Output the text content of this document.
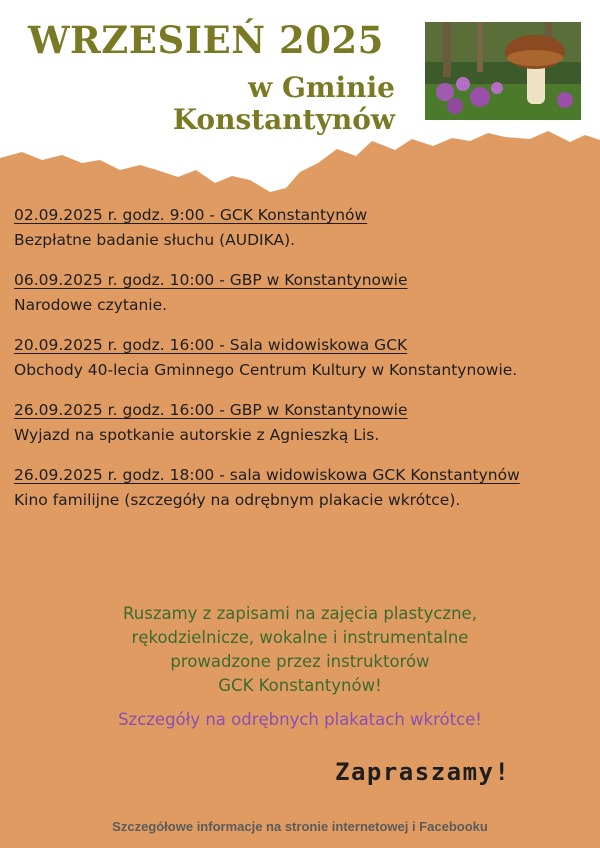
WRZESIEŃ 2025
w Gminie
Konstantynów
02.09.2025 r. godz. 9:00 - GCK Konstantynów
Bezpłatne badanie słuchu (AUDIKA).
06.09.2025 r. godz. 10:00 - GBP w Konstantynowie
Narodowe czytanie.
20.09.2025 r. godz. 16:00 - Sala widowiskowa GCK
Obchody 40-lecia Gminnego Centrum Kultury w Konstantynowie.
26.09.2025 r. godz. 16:00 - GBP w Konstantynowie
Wyjazd na spotkanie autorskie z Agnieszką Lis.
26.09.2025 r. godz. 18:00 - sala widowiskowa GCK Konstantynów
Kino familijne (szczegóły na odrębnym plakacie wkrótce).
Ruszamy z zapisami na zajęcia plastyczne,
rękodzielnicze, wokalne i instrumentalne
prowadzone przez instruktorów
GCK Konstantynów!
Szczegóły na odrębnych plakatach wkrótce!
Zapraszamy!
Szczegółowe informacje na stronie internetowej i Facebooku
